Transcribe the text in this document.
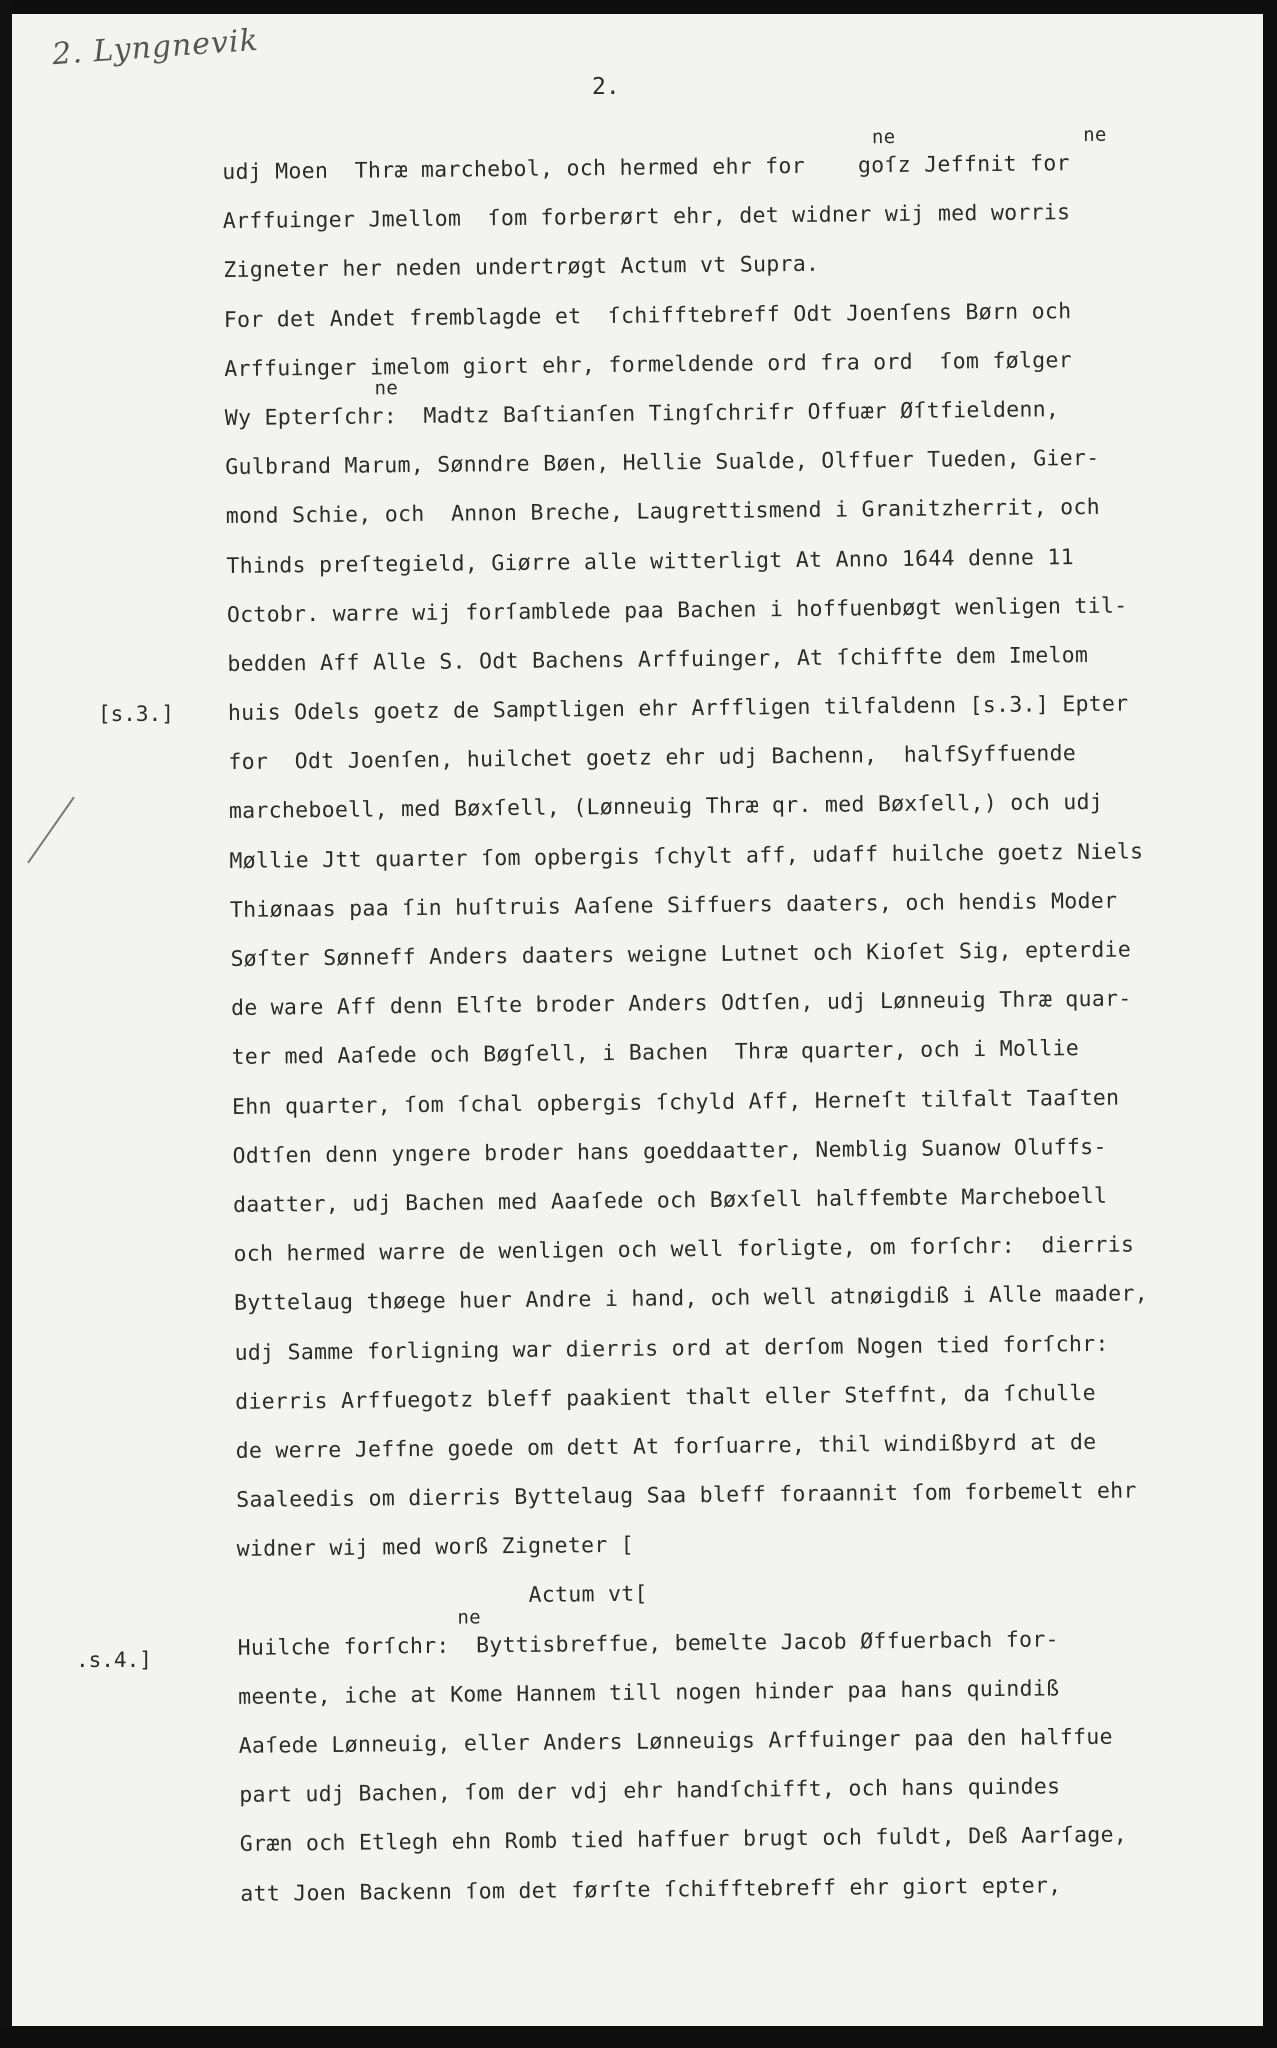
2. Lyngnevik
2.
[s.3.]
.s.4.]
ne                ne
udj Moen  Thræ marchebol, och hermed ehr for    goſz Jeffnit for
Arffuinger Jmellom  ſom forberørt ehr, det widner wij med worris
Zigneter her neden undertrøgt Actum vt Supra.
For det Andet fremblagde et  ſchifftebreff Odt Joenſens Børn och
Arffuinger imelom giort ehr, formeldende ord fra ord  ſom følger
ne
Wy Epterſchr:  Madtz Baſtianſen Tingſchrifr Offuær Øſtfieldenn,
Gulbrand Marum, Sønndre Bøen, Hellie Sualde, Olffuer Tueden, Gier-
mond Schie, och  Annon Breche, Laugrettismend i Granitzherrit, och
Thinds preſtegield, Giørre alle witterligt At Anno 1644 denne 11
Octobr. warre wij forſamblede paa Bachen i hoffuenbøgt wenligen til-
bedden Aff Alle S. Odt Bachens Arffuinger, At ſchiffte dem Imelom
huis Odels goetz de Samptligen ehr Arffligen tilfaldenn [s.3.] Epter
for  Odt Joenſen, huilchet goetz ehr udj Bachenn,  halfSyffuende
marcheboell, med Bøxſell, (Lønneuig Thræ qr. med Bøxſell,) och udj
Møllie Jtt quarter ſom opbergis ſchylt aff, udaff huilche goetz Niels
Thiønaas paa ſin huſtruis Aaſene Siffuers daaters, och hendis Moder
Søſter Sønneff Anders daaters weigne Lutnet och Kioſet Sig, epterdie
de ware Aff denn Elſte broder Anders Odtſen, udj Lønneuig Thræ quar-
ter med Aaſede och Bøgſell, i Bachen  Thræ quarter, och i Mollie
Ehn quarter, ſom ſchal opbergis ſchyld Aff, Herneſt tilfalt Taaſten
Odtſen denn yngere broder hans goeddaatter, Nemblig Suanow Oluffs-
daatter, udj Bachen med Aaaſede och Bøxſell halffembte Marcheboell
och hermed warre de wenligen och well forligte, om forſchr:  dierris
Byttelaug thøege huer Andre i hand, och well atnøigdiß i Alle maader,
udj Samme forligning war dierris ord at derſom Nogen tied forſchr:
dierris Arffuegotz bleff paakient thalt eller Steffnt, da ſchulle
de werre Jeffne goede om dett At forſuarre, thil windißbyrd at de
Saaleedis om dierris Byttelaug Saa bleff foraannit ſom forbemelt ehr
widner wij med worß Zigneter [
Actum vt[
ne
Huilche forſchr:  Byttisbreffue, bemelte Jacob Øffuerbach for-
meente, iche at Kome Hannem till nogen hinder paa hans quindiß
Aaſede Lønneuig, eller Anders Lønneuigs Arffuinger paa den halffue
part udj Bachen, ſom der vdj ehr handſchifft, och hans quindes
Græn och Etlegh ehn Romb tied haffuer brugt och fuldt, Deß Aarſage,
att Joen Backenn ſom det førſte ſchifftebreff ehr giort epter,
